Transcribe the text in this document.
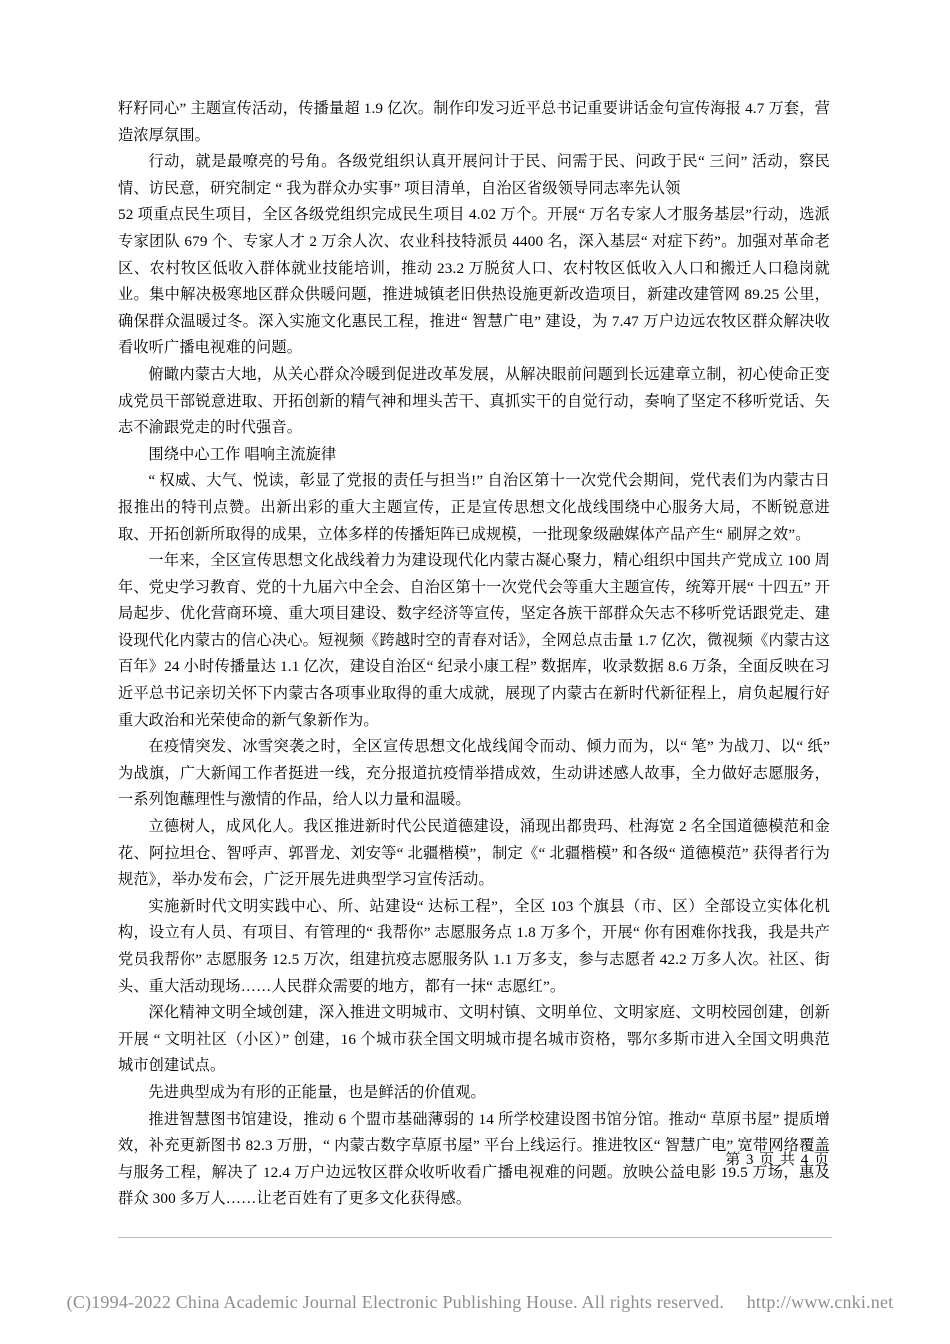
籽籽同心” 主题宣传活动，传播量超 1.9 亿次。制作印发习近平总书记重要讲话金句宣传海报 4.7 万套，营造浓厚氛围。

行动，就是最嘹亮的号角。各级党组织认真开展问计于民、问需于民、问政于民“ 三问” 活动，察民情、访民意，研究制定 “ 我为群众办实事” 项目清单，自治区省级领导同志率先认领

52 项重点民生项目，全区各级党组织完成民生项目 4.02 万个。开展“ 万名专家人才服务基层”行动，选派专家团队 679 个、专家人才 2 万余人次、农业科技特派员 4400 名，深入基层“ 对症下药”。加强对革命老区、农村牧区低收入群体就业技能培训，推动 23.2 万脱贫人口、农村牧区低收入人口和搬迁人口稳岗就业。集中解决极寒地区群众供暖问题，推进城镇老旧供热设施更新改造项目，新建改建管网 89.25 公里，确保群众温暖过冬。深入实施文化惠民工程，推进“ 智慧广电” 建设，为 7.47 万户边远农牧区群众解决收看收听广播电视难的问题。

俯瞰内蒙古大地，从关心群众冷暖到促进改革发展，从解决眼前问题到长远建章立制，初心使命正变成党员干部锐意进取、开拓创新的精气神和埋头苦干、真抓实干的自觉行动，奏响了坚定不移听党话、矢志不渝跟党走的时代强音。

围绕中心工作 唱响主流旋律

“ 权威、大气、悦读，彰显了党报的责任与担当!” 自治区第十一次党代会期间，党代表们为内蒙古日报推出的特刊点赞。出新出彩的重大主题宣传，正是宣传思想文化战线围绕中心服务大局，不断锐意进取、开拓创新所取得的成果，立体多样的传播矩阵已成规模，一批现象级融媒体产品产生“ 刷屏之效”。

一年来，全区宣传思想文化战线着力为建设现代化内蒙古凝心聚力，精心组织中国共产党成立 100 周年、党史学习教育、党的十九届六中全会、自治区第十一次党代会等重大主题宣传，统筹开展“ 十四五” 开局起步、优化营商环境、重大项目建设、数字经济等宣传，坚定各族干部群众矢志不移听党话跟党走、建设现代化内蒙古的信心决心。短视频《跨越时空的青春对话》，全网总点击量 1.7 亿次，微视频《内蒙古这百年》24 小时传播量达 1.1 亿次，建设自治区“ 纪录小康工程” 数据库，收录数据 8.6 万条，全面反映在习近平总书记亲切关怀下内蒙古各项事业取得的重大成就，展现了内蒙古在新时代新征程上，肩负起履行好重大政治和光荣使命的新气象新作为。

在疫情突发、冰雪突袭之时，全区宣传思想文化战线闻令而动、倾力而为，以“ 笔” 为战刀、以“ 纸” 为战旗，广大新闻工作者挺进一线，充分报道抗疫情举措成效，生动讲述感人故事，全力做好志愿服务，一系列饱蘸理性与激情的作品，给人以力量和温暖。

立德树人，成风化人。我区推进新时代公民道德建设，涌现出都贵玛、杜海宽 2 名全国道德模范和金花、阿拉坦仓、智呼声、郭晋龙、刘安等“ 北疆楷模”，制定《“ 北疆楷模” 和各级“ 道德模范” 获得者行为规范》，举办发布会，广泛开展先进典型学习宣传活动。

实施新时代文明实践中心、所、站建设“ 达标工程”，全区 103 个旗县（市、区）全部设立实体化机构，设立有人员、有项目、有管理的“ 我帮你” 志愿服务点 1.8 万多个，开展“ 你有困难你找我，我是共产党员我帮你” 志愿服务 12.5 万次，组建抗疫志愿服务队 1.1 万多支，参与志愿者 42.2 万多人次。社区、街头、重大活动现场……人民群众需要的地方，都有一抹“ 志愿红”。

深化精神文明全域创建，深入推进文明城市、文明村镇、文明单位、文明家庭、文明校园创建，创新开展 “ 文明社区（小区）” 创建，16 个城市获全国文明城市提名城市资格，鄂尔多斯市进入全国文明典范城市创建试点。

先进典型成为有形的正能量，也是鲜活的价值观。

推进智慧图书馆建设，推动 6 个盟市基础薄弱的 14 所学校建设图书馆分馆。推动“ 草原书屋” 提质增效，补充更新图书 82.3 万册，“ 内蒙古数字草原书屋” 平台上线运行。推进牧区“ 智慧广电” 宽带网络覆盖与服务工程，解决了 12.4 万户边远牧区群众收听收看广播电视难的问题。放映公益电影 19.5 万场，惠及群众 300 多万人……让老百姓有了更多文化获得感。

第 3 页 共 4 页
(C)1994-2022 China Academic Journal Electronic Publishing House. All rights reserved. http://www.cnki.net
